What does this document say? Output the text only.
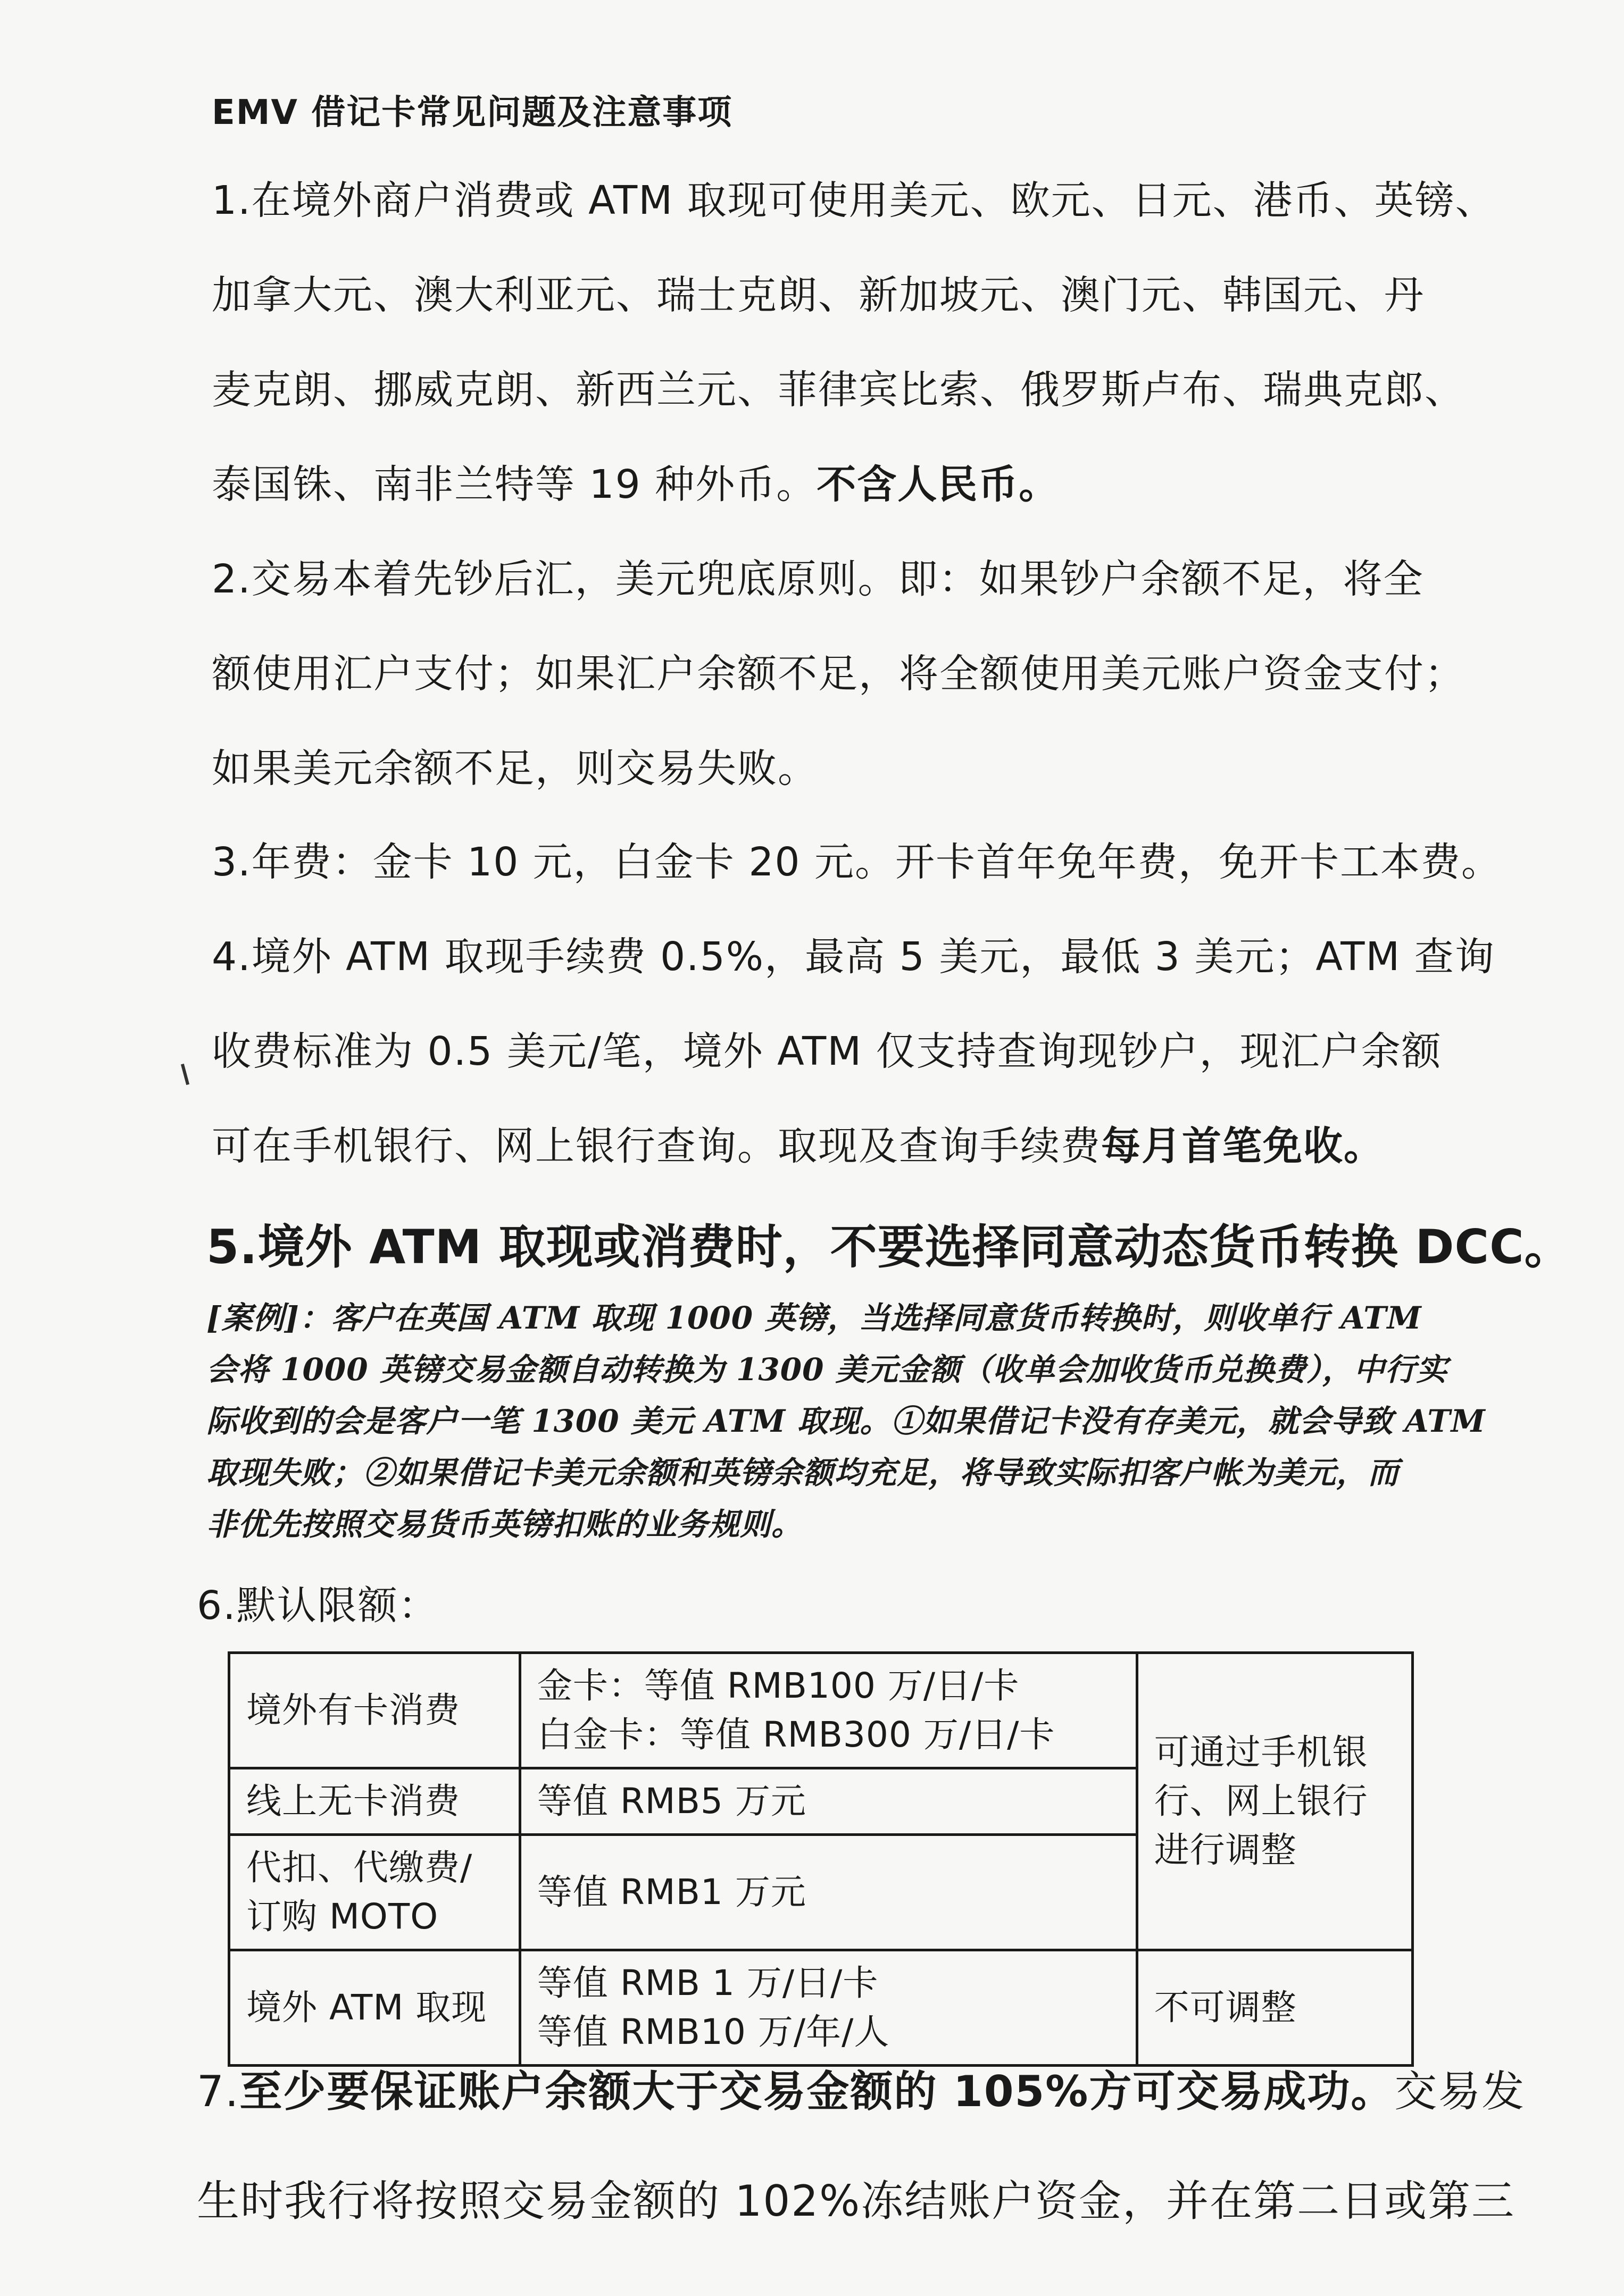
EMV 借记卡常见问题及注意事项
1.在境外商户消费或 ATM 取现可使用美元、欧元、日元、港币、英镑、
加拿大元、澳大利亚元、瑞士克朗、新加坡元、澳门元、韩国元、丹
麦克朗、挪威克朗、新西兰元、菲律宾比索、俄罗斯卢布、瑞典克郎、
泰国铢、南非兰特等 19 种外币。不含人民币。
2.交易本着先钞后汇，美元兜底原则。即：如果钞户余额不足，将全
额使用汇户支付；如果汇户余额不足，将全额使用美元账户资金支付；
如果美元余额不足，则交易失败。
3.年费：金卡 10 元，白金卡 20 元。开卡首年免年费，免开卡工本费。
4.境外 ATM 取现手续费 0.5%，最高 5 美元，最低 3 美元；ATM 查询
收费标准为 0.5 美元/笔，境外 ATM 仅支持查询现钞户，现汇户余额
可在手机银行、网上银行查询。取现及查询手续费每月首笔免收。
5.境外 ATM 取现或消费时，不要选择同意动态货币转换 DCC。
[案例]：客户在英国 ATM 取现 1000 英镑，当选择同意货币转换时，则收单行 ATM
会将 1000 英镑交易金额自动转换为 1300 美元金额（收单会加收货币兑换费），中行实
际收到的会是客户一笔 1300 美元 ATM 取现。①如果借记卡没有存美元，就会导致 ATM
取现失败；②如果借记卡美元余额和英镑余额均充足，将导致实际扣客户帐为美元，而
非优先按照交易货币英镑扣账的业务规则。
6.默认限额：
境外有卡消费	金卡：等值 RMB100 万/日/卡
白金卡：等值 RMB300 万/日/卡	可通过手机银行、网上银行进行调整
线上无卡消费	等值 RMB5 万元	

代扣、代缴费/订购 MOTO	等值 RMB1 万元	

境外 ATM 取现	等值 RMB 1 万/日/卡
等值 RMB10 万/年/人	不可调整
7.至少要保证账户余额大于交易金额的 105%方可交易成功。交易发
生时我行将按照交易金额的 102%冻结账户资金，并在第二日或第三
